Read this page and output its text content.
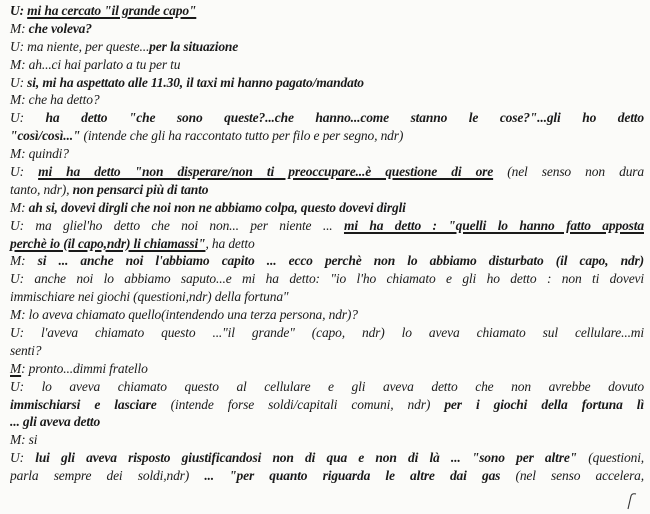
U: mi ha cercato "il grande capo"
M: che voleva?
U: ma niente, per queste...per la situazione
M: ah...ci hai parlato a tu per tu
U: si, mi ha aspettato alle 11.30, il taxi mi hanno pagato/mandato
M: che ha detto?
U: ha detto "che sono queste?...che hanno...come stanno le cose?"...gli ho detto
"così/così..." (intende che gli ha raccontato tutto per filo e per segno, ndr)
M: quindi?
U: mi ha detto "non disperare/non ti preoccupare...è questione di ore (nel senso non dura
tanto, ndr), non pensarci più di tanto
M: ah si, dovevi dirgli che noi non ne abbiamo colpa, questo dovevi dirgli
U: ma gliel'ho detto che noi non... per niente ... mi ha detto : "quelli lo hanno fatto apposta
perchè io (il capo,ndr) li chiamassi", ha detto
M: si ... anche noi l'abbiamo capito ... ecco perchè non lo abbiamo disturbato (il capo, ndr)
U: anche noi lo abbiamo saputo...e mi ha detto: "io l'ho chiamato e gli ho detto : non ti dovevi
immischiare nei giochi (questioni,ndr) della fortuna"
M: lo aveva chiamato quello(intendendo una terza persona, ndr)?
U: l'aveva chiamato questo ..."il grande" (capo, ndr) lo aveva chiamato sul cellulare...mi
senti?
M: pronto...dimmi fratello
U: lo aveva chiamato questo al cellulare e gli aveva detto che non avrebbe dovuto
immischiarsi e lasciare (intende forse soldi/capitali comuni, ndr) per i giochi della fortuna lì
... gli aveva detto
M: si
U: lui gli aveva risposto giustificandosi non di qua e non di là ... "sono per altre" (questioni,
parla sempre dei soldi,ndr) ... "per quanto riguarda le altre dai gas (nel senso accelera,
